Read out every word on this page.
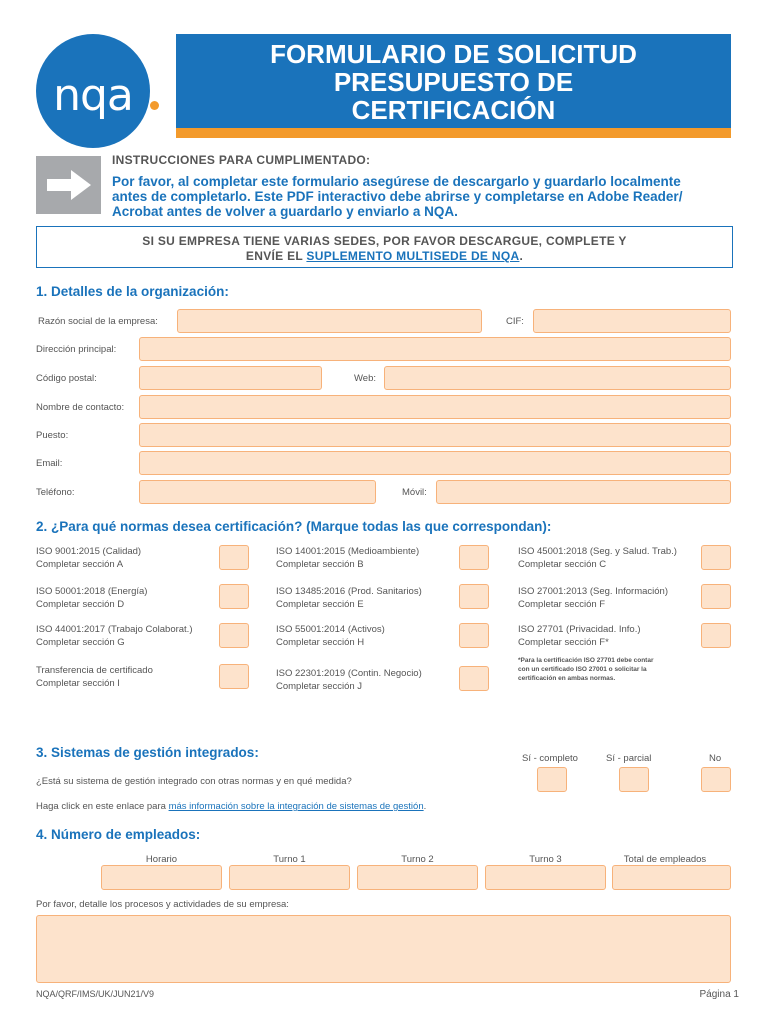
nqa
FORMULARIO DE SOLICITUD
PRESUPUESTO DE
CERTIFICACIÓN
INSTRUCCIONES PARA CUMPLIMENTADO:
Por favor, al completar este formulario asegúrese de descargarlo y guardarlo localmente
antes de completarlo. Este PDF interactivo debe abrirse y completarse en Adobe Reader/
Acrobat antes de volver a guardarlo y enviarlo a NQA.
SI SU EMPRESA TIENE VARIAS SEDES, POR FAVOR DESCARGUE, COMPLETE Y
ENVÍE EL SUPLEMENTO MULTISEDE DE NQA.
1. Detalles de la organización:
Razón social de la empresa:	CIF:
Dirección principal:
Código postal:	Web:
Nombre de contacto:
Puesto:
Email:
Teléfono:	Móvil:
2. ¿Para qué normas desea certificación? (Marque todas las que correspondan):
ISO 9001:2015 (Calidad)
Completar sección A
ISO 14001:2015 (Medioambiente)
Completar sección B
ISO 45001:2018 (Seg. y Salud. Trab.)
Completar sección C
ISO 50001:2018 (Energía)
Completar sección D
ISO 13485:2016 (Prod. Sanitarios)
Completar sección E
ISO 27001:2013 (Seg. Información)
Completar sección F
ISO 44001:2017 (Trabajo Colaborat.)
Completar sección G
ISO 55001:2014 (Activos)
Completar sección H
ISO 27701 (Privacidad. Info.)
Completar sección F*
Transferencia de certificado
Completar sección I
ISO 22301:2019 (Contin. Negocio)
Completar sección J
*Para la certificación ISO 27701 debe contar
con un certificado ISO 27001 o solicitar la
certificación en ambas normas.
3. Sistemas de gestión integrados:	Sí - completo	Sí - parcial	No
¿Está su sistema de gestión integrado con otras normas y en qué medida?
Haga click en este enlace para más información sobre la integración de sistemas de gestión.
4. Número de empleados:
Horario	Turno 1	Turno 2	Turno 3	Total de empleados
Por favor, detalle los procesos y actividades de su empresa:
NQA/QRF/IMS/UK/JUN21/V9	Página 1
